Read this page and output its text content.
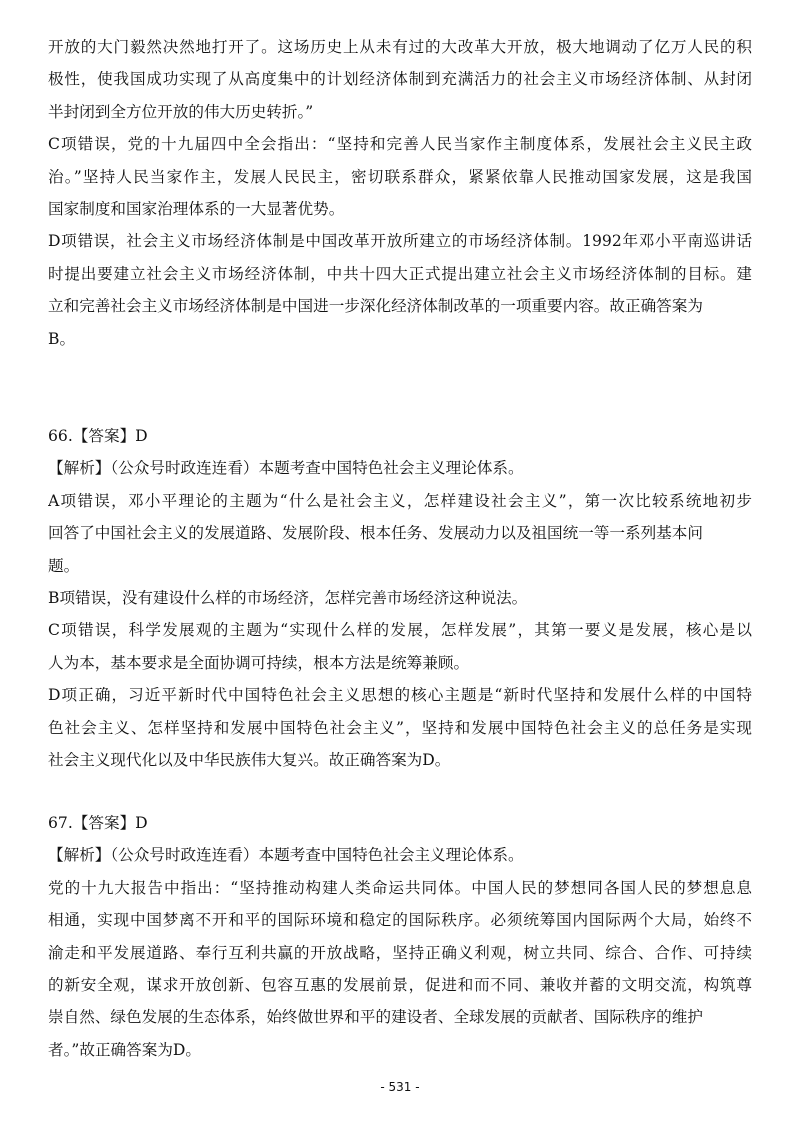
开放的大门毅然决然地打开了。这场历史上从未有过的大改革大开放，极大地调动了亿万人民的积
极性，使我国成功实现了从高度集中的计划经济体制到充满活力的社会主义市场经济体制、从封闭
半封闭到全方位开放的伟大历史转折。”
C项错误，党的十九届四中全会指出：“坚持和完善人民当家作主制度体系，发展社会主义民主政
治。”坚持人民当家作主，发展人民民主，密切联系群众，紧紧依靠人民推动国家发展，这是我国
国家制度和国家治理体系的一大显著优势。
D项错误，社会主义市场经济体制是中国改革开放所建立的市场经济体制。1992年邓小平南巡讲话
时提出要建立社会主义市场经济体制，中共十四大正式提出建立社会主义市场经济体制的目标。建
立和完善社会主义市场经济体制是中国进一步深化经济体制改革的一项重要内容。故正确答案为
B。
66.【答案】D
【解析】（公众号时政连连看）本题考查中国特色社会主义理论体系。
A项错误，邓小平理论的主题为“什么是社会主义，怎样建设社会主义”，第一次比较系统地初步
回答了中国社会主义的发展道路、发展阶段、根本任务、发展动力以及祖国统一等一系列基本问
题。
B项错误，没有建设什么样的市场经济，怎样完善市场经济这种说法。
C项错误，科学发展观的主题为“实现什么样的发展，怎样发展”，其第一要义是发展，核心是以
人为本，基本要求是全面协调可持续，根本方法是统筹兼顾。
D项正确，习近平新时代中国特色社会主义思想的核心主题是“新时代坚持和发展什么样的中国特
色社会主义、怎样坚持和发展中国特色社会主义”，坚持和发展中国特色社会主义的总任务是实现
社会主义现代化以及中华民族伟大复兴。故正确答案为D。
67.【答案】D
【解析】（公众号时政连连看）本题考查中国特色社会主义理论体系。
党的十九大报告中指出：“坚持推动构建人类命运共同体。中国人民的梦想同各国人民的梦想息息
相通，实现中国梦离不开和平的国际环境和稳定的国际秩序。必须统筹国内国际两个大局，始终不
渝走和平发展道路、奉行互利共赢的开放战略，坚持正确义利观，树立共同、综合、合作、可持续
的新安全观，谋求开放创新、包容互惠的发展前景，促进和而不同、兼收并蓄的文明交流，构筑尊
崇自然、绿色发展的生态体系，始终做世界和平的建设者、全球发展的贡献者、国际秩序的维护
者。”故正确答案为D。
- 531 -
